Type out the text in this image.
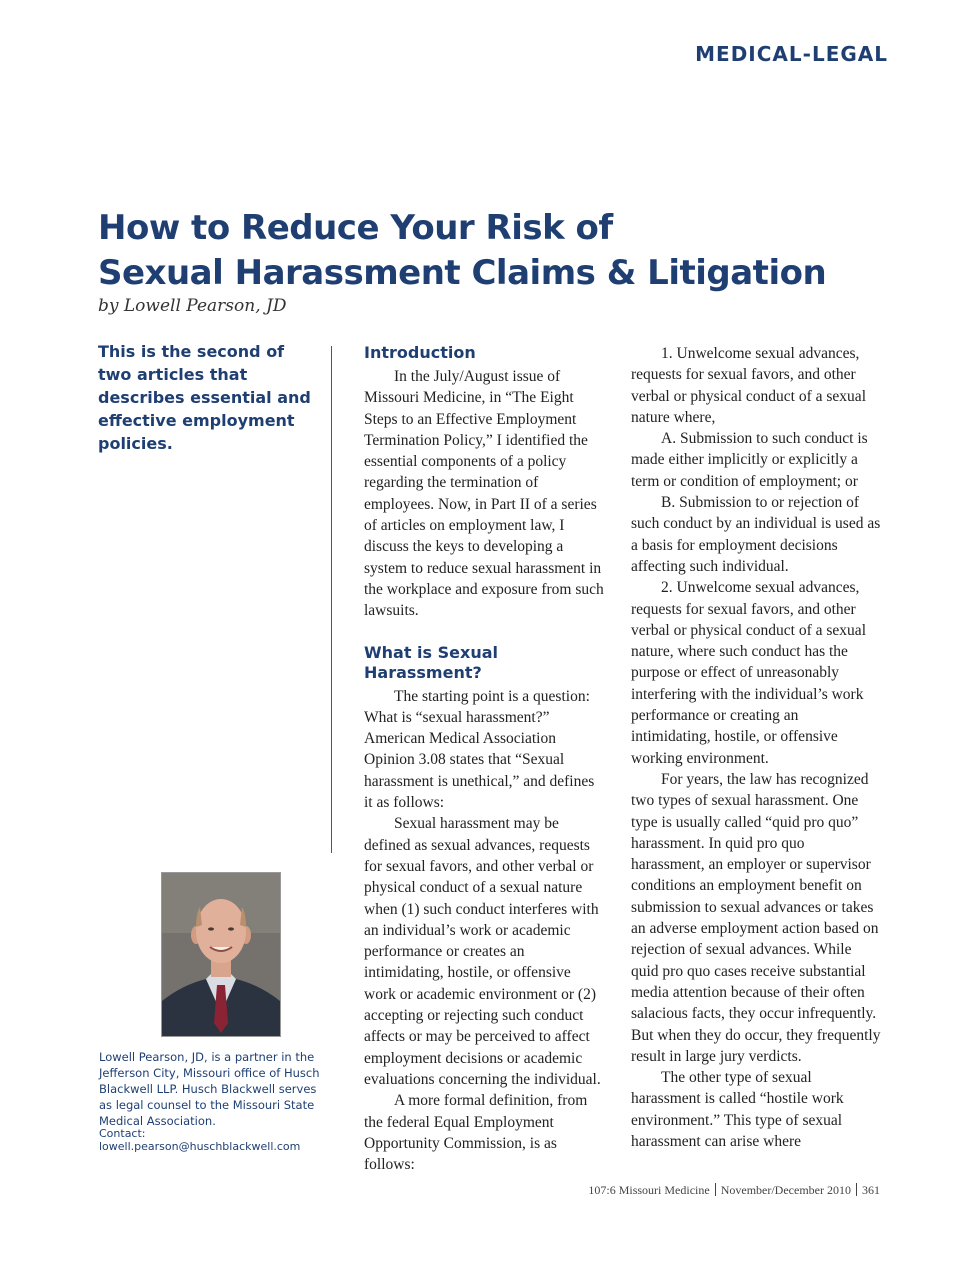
MEDICAL-LEGAL
How to Reduce Your Risk of
Sexual Harassment Claims & Litigation
by Lowell Pearson, JD

This is the second of two articles that describes essential and effective employment policies.

Lowell Pearson, JD, is a partner in the Jefferson City, Missouri office of Husch Blackwell LLP. Husch Blackwell serves as legal counsel to the Missouri State Medical Association.

Contact: lowell.pearson@huschblackwell.com
Introduction

In the July/August issue of Missouri Medicine, in “The Eight Steps to an Effective Employment Termination Policy,” I identified the essential components of a policy regarding the termination of employees. Now, in Part II of a series of articles on employment law, I discuss the keys to developing a system to reduce sexual harassment in the workplace and exposure from such lawsuits.

What is Sexual Harassment?

The starting point is a question: What is “sexual harassment?” American Medical Association Opinion 3.08 states that “Sexual harassment is unethical,” and defines it as follows:

Sexual harassment may be defined as sexual advances, requests for sexual favors, and other verbal or physical conduct of a sexual nature when (1) such conduct interferes with an individual’s work or academic performance or creates an intimidating, hostile, or offensive work or academic environment or (2) accepting or rejecting such conduct affects or may be perceived to affect employment decisions or academic evaluations concerning the individual.

A more formal definition, from the federal Equal Employment Opportunity Commission, is as follows:

1. Unwelcome sexual advances, requests for sexual favors, and other verbal or physical conduct of a sexual nature where,

A. Submission to such conduct is made either implicitly or explicitly a term or condition of employment; or

B. Submission to or rejection of such conduct by an individual is used as a basis for employment decisions affecting such individual.

2. Unwelcome sexual advances, requests for sexual favors, and other verbal or physical conduct of a sexual nature, where such conduct has the purpose or effect of unreasonably interfering with the individual’s work performance or creating an intimidating, hostile, or offensive working environment.

For years, the law has recognized two types of sexual harassment. One type is usually called “quid pro quo” harassment. In quid pro quo harassment, an employer or supervisor conditions an employment benefit on submission to sexual advances or takes an adverse employment action based on rejection of sexual advances. While quid pro quo cases receive substantial media attention because of their often salacious facts, they occur infrequently. But when they do occur, they frequently result in large jury verdicts.

The other type of sexual harassment is called “hostile work environment.” This type of sexual harassment can arise where

107:6 Missouri Medicine November/December 2010 361
